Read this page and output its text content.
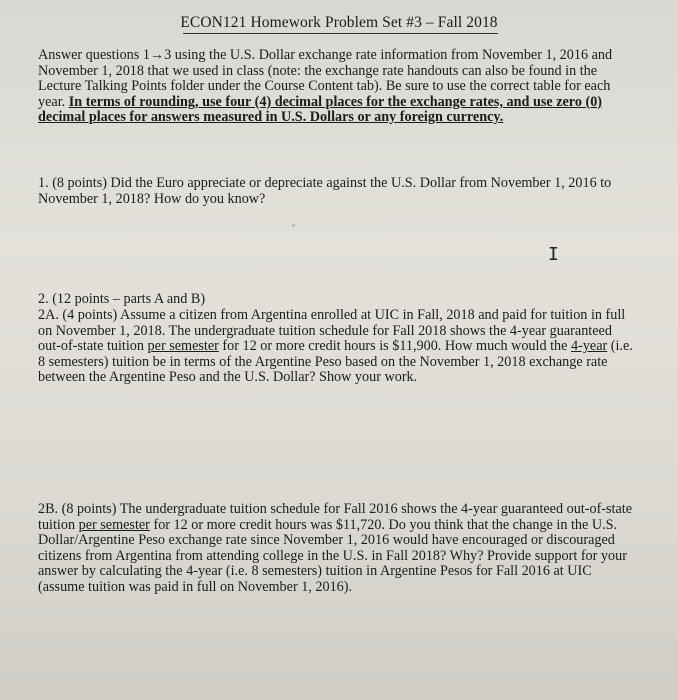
ECON121 Homework Problem Set #3 – Fall 2018

Answer questions 1→3 using the U.S. Dollar exchange rate information from November 1, 2016 and November 1, 2018 that we used in class (note: the exchange rate handouts can also be found in the Lecture Talking Points folder under the Course Content tab). Be sure to use the correct table for each year. In terms of rounding, use four (4) decimal places for the exchange rates, and use zero (0) decimal places for answers measured in U.S. Dollars or any foreign currency.

1. (8 points) Did the Euro appreciate or depreciate against the U.S. Dollar from November 1, 2016 to November 1, 2018? How do you know?

I

2. (12 points – parts A and B)

2A. (4 points) Assume a citizen from Argentina enrolled at UIC in Fall, 2018 and paid for tuition in full on November 1, 2018. The undergraduate tuition schedule for Fall 2018 shows the 4-year guaranteed out-of-state tuition per semester for 12 or more credit hours is $11,900. How much would the 4-year (i.e. 8 semesters) tuition be in terms of the Argentine Peso based on the November 1, 2018 exchange rate between the Argentine Peso and the U.S. Dollar? Show your work.

2B. (8 points) The undergraduate tuition schedule for Fall 2016 shows the 4-year guaranteed out-of-state tuition per semester for 12 or more credit hours was $11,720. Do you think that the change in the U.S. Dollar/Argentine Peso exchange rate since November 1, 2016 would have encouraged or discouraged citizens from Argentina from attending college in the U.S. in Fall 2018? Why? Provide support for your answer by calculating the 4-year (i.e. 8 semesters) tuition in Argentine Pesos for Fall 2016 at UIC (assume tuition was paid in full on November 1, 2016).
